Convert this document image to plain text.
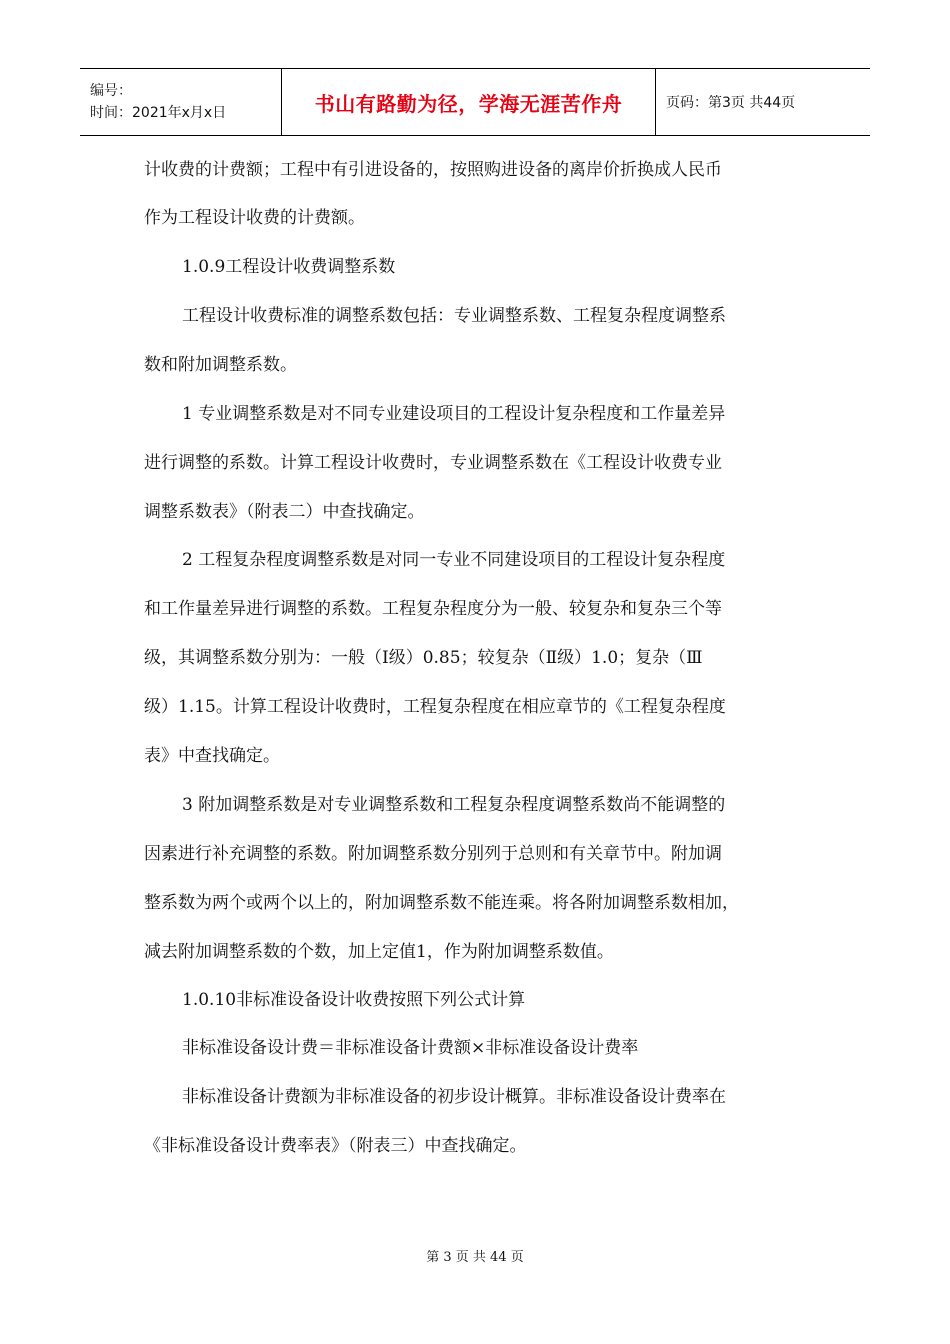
编号：
时间：2021年x月x日	书山有路勤为径，学海无涯苦作舟	页码：第3页 共44页
计收费的计费额；工程中有引进设备的，按照购进设备的离岸价折换成人民币
作为工程设计收费的计费额。
1.0.9工程设计收费调整系数
工程设计收费标准的调整系数包括：专业调整系数、工程复杂程度调整系
数和附加调整系数。
1 专业调整系数是对不同专业建设项目的工程设计复杂程度和工作量差异
进行调整的系数。计算工程设计收费时，专业调整系数在《工程设计收费专业
调整系数表》（附表二）中查找确定。
2 工程复杂程度调整系数是对同一专业不同建设项目的工程设计复杂程度
和工作量差异进行调整的系数。工程复杂程度分为一般、较复杂和复杂三个等
级，其调整系数分别为：一般（Ⅰ级）0.85；较复杂（Ⅱ级）1.0；复杂（Ⅲ
级）1.15。计算工程设计收费时，工程复杂程度在相应章节的《工程复杂程度
表》中查找确定。
3 附加调整系数是对专业调整系数和工程复杂程度调整系数尚不能调整的
因素进行补充调整的系数。附加调整系数分别列于总则和有关章节中。附加调
整系数为两个或两个以上的，附加调整系数不能连乘。将各附加调整系数相加，
减去附加调整系数的个数，加上定值1，作为附加调整系数值。
1.0.10非标准设备设计收费按照下列公式计算
非标准设备设计费＝非标准设备计费额×非标准设备设计费率
非标准设备计费额为非标准设备的初步设计概算。非标准设备设计费率在
《非标准设备设计费率表》（附表三）中查找确定。
第 3 页 共 44 页
